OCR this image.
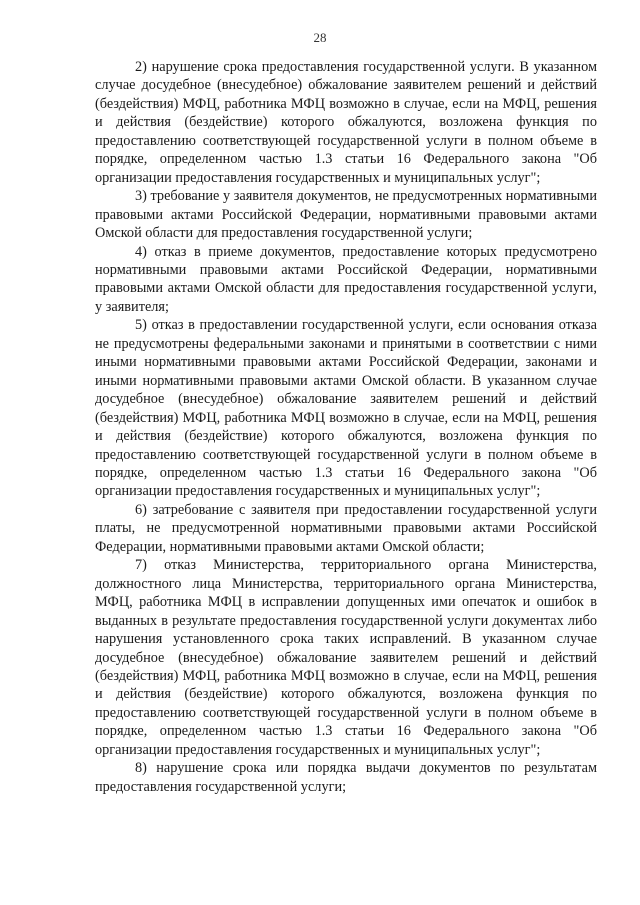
28

2) нарушение срока предоставления государственной услуги. В указанном случае досудебное (внесудебное) обжалование заявителем решений и действий (бездействия) МФЦ, работника МФЦ возможно в случае, если на МФЦ, решения и действия (бездействие) которого обжалуются, возложена функция по предоставлению соответствующей государственной услуги в полном объеме в порядке, определенном частью 1.3 статьи 16 Федерального закона "Об организации предоставления государственных и муниципальных услуг";

3) требование у заявителя документов, не предусмотренных нормативными правовыми актами Российской Федерации, нормативными правовыми актами Омской области для предоставления государственной услуги;

4) отказ в приеме документов, предоставление которых предусмотрено нормативными правовыми актами Российской Федерации, нормативными правовыми актами Омской области для предоставления государственной услуги, у заявителя;

5) отказ в предоставлении государственной услуги, если основания отказа не предусмотрены федеральными законами и принятыми в соответствии с ними иными нормативными правовыми актами Российской Федерации, законами и иными нормативными правовыми актами Омской области. В указанном случае досудебное (внесудебное) обжалование заявителем решений и действий (бездействия) МФЦ, работника МФЦ возможно в случае, если на МФЦ, решения и действия (бездействие) которого обжалуются, возложена функция по предоставлению соответствующей государственной услуги в полном объеме в порядке, определенном частью 1.3 статьи 16 Федерального закона "Об организации предоставления государственных и муниципальных услуг";

6) затребование с заявителя при предоставлении государственной услуги платы, не предусмотренной нормативными правовыми актами Российской Федерации, нормативными правовыми актами Омской области;

7) отказ Министерства, территориального органа Министерства, должностного лица Министерства, территориального органа Министерства, МФЦ, работника МФЦ в исправлении допущенных ими опечаток и ошибок в выданных в результате предоставления государственной услуги документах либо нарушения установленного срока таких исправлений. В указанном случае досудебное (внесудебное) обжалование заявителем решений и действий (бездействия) МФЦ, работника МФЦ возможно в случае, если на МФЦ, решения и действия (бездействие) которого обжалуются, возложена функция по предоставлению соответствующей государственной услуги в полном объеме в порядке, определенном частью 1.3 статьи 16 Федерального закона "Об организации предоставления государственных и муниципальных услуг";

8) нарушение срока или порядка выдачи документов по результатам предоставления государственной услуги;
